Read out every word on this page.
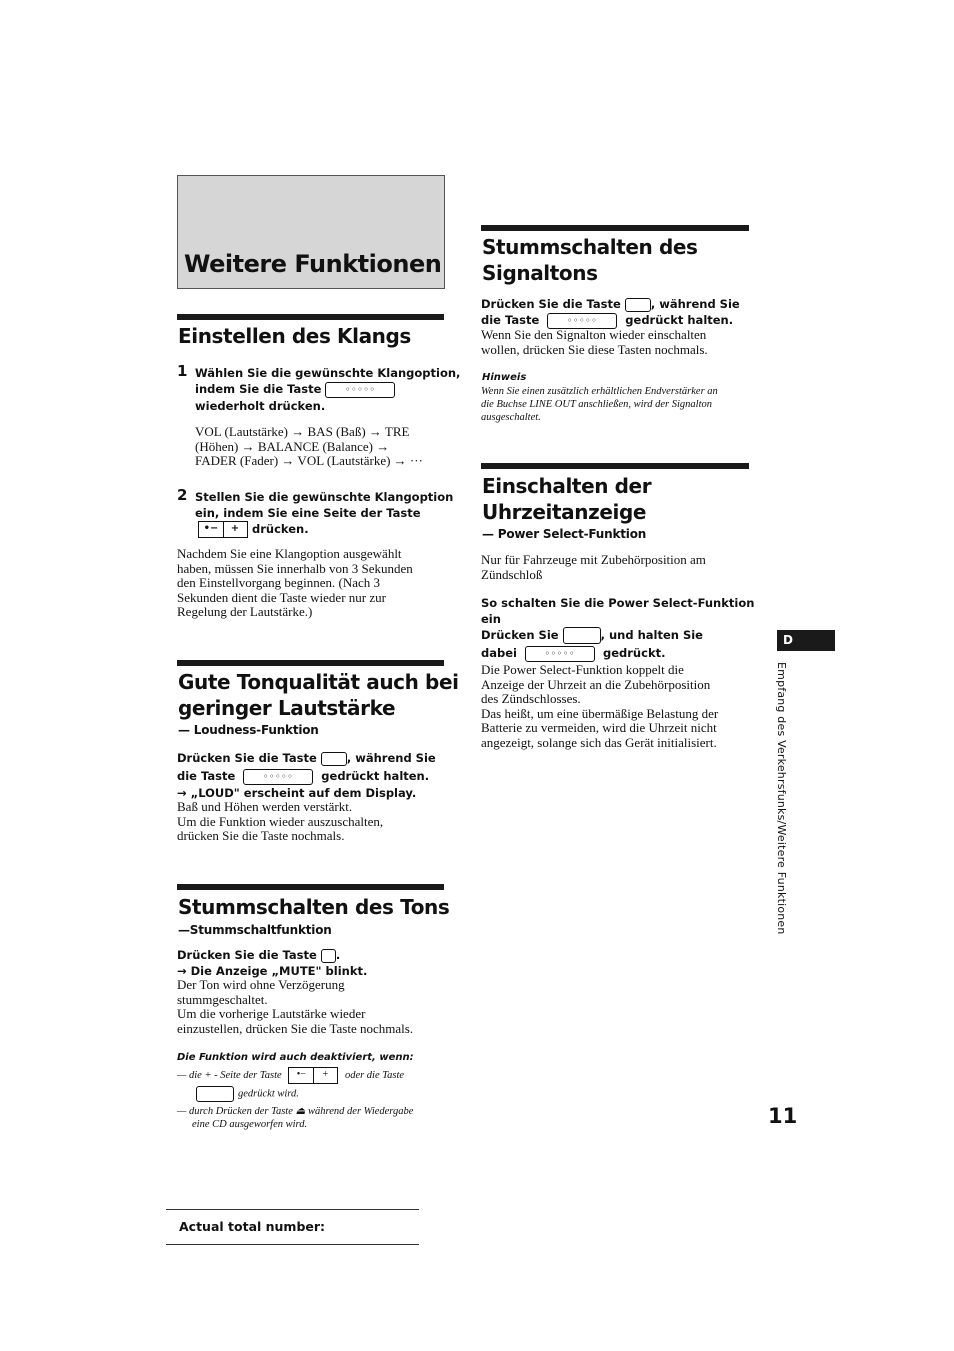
Weitere Funktionen
Einstellen des Klangs
1 Wählen Sie die gewünschte Klangoption,
indem Sie die Taste	◦◦◦◦◦
wiederholt drücken.
VOL (Lautstärke) → BAS (Baß) → TRE
(Höhen) → BALANCE (Balance) →
FADER (Fader) → VOL (Lautstärke) → ···
2 Stellen Sie die gewünschte Klangoption
ein, indem Sie eine Seite der Taste
•−	+	drücken.
Nachdem Sie eine Klangoption ausgewählt
haben, müssen Sie innerhalb von 3 Sekunden
den Einstellvorgang beginnen. (Nach 3
Sekunden dient die Taste wieder nur zur
Regelung der Lautstärke.)
Gute Tonqualität auch bei
geringer Lautstärke
— Loudness-Funktion
Drücken Sie die Taste	, während Sie
die Taste	◦◦◦◦◦ gedrückt halten.
→ „LOUD" erscheint auf dem Display.
Baß und Höhen werden verstärkt.
Um die Funktion wieder auszuschalten,
drücken Sie die Taste nochmals.
Stummschalten des Tons
—Stummschaltfunktion
Drücken Sie die Taste .
→ Die Anzeige „MUTE" blinkt.
Der Ton wird ohne Verzögerung
stummgeschaltet.
Um die vorherige Lautstärke wieder
einzustellen, drücken Sie die Taste nochmals.
Die Funktion wird auch deaktiviert, wenn:
— die + - Seite der Taste	•−	+	oder die Taste
gedrückt wird.
— durch Drücken der Taste ⏏ während der Wiedergabe
eine CD ausgeworfen wird.
Stummschalten des
Signaltons
Drücken Sie die Taste	, während Sie
die Taste	◦◦◦◦◦ gedrückt halten.
Wenn Sie den Signalton wieder einschalten
wollen, drücken Sie diese Tasten nochmals.
Hinweis
Wenn Sie einen zusätzlich erhältlichen Endverstärker an
die Buchse LINE OUT anschließen, wird der Signalton
ausgeschaltet.
Einschalten der
Uhrzeitanzeige
— Power Select-Funktion
Nur für Fahrzeuge mit Zubehörposition am
Zündschloß
So schalten Sie die Power Select-Funktion
ein
Drücken Sie	, und halten Sie
dabei	◦◦◦◦◦ gedrückt.
Die Power Select-Funktion koppelt die
Anzeige der Uhrzeit an die Zubehörposition
des Zündschlosses.
Das heißt, um eine übermäßige Belastung der
Batterie zu vermeiden, wird die Uhrzeit nicht
angezeigt, solange sich das Gerät initialisiert.
D
Empfang des Verkehrsfunks/Weitere Funktionen
11
Actual total number:
